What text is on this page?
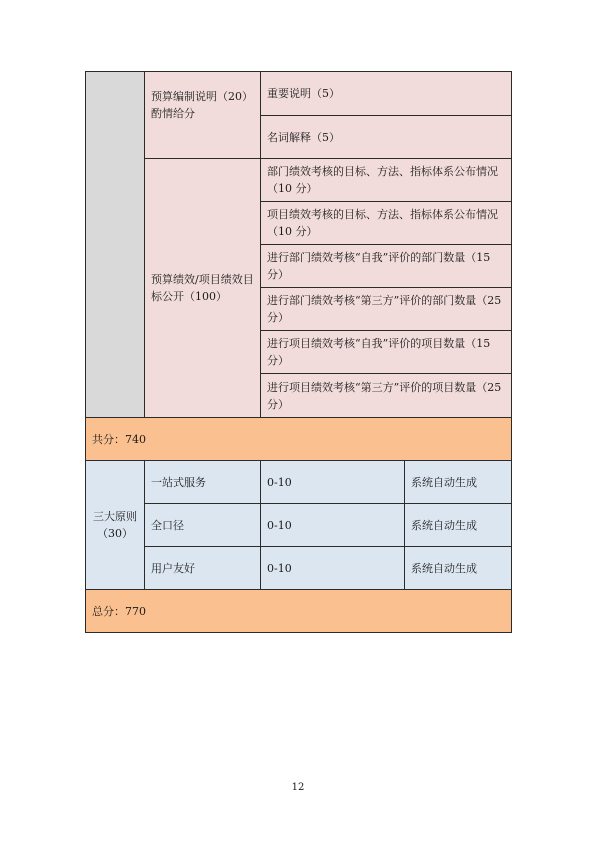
	预算编制说明（20）酌情给分	重要说明（5）	
		名词解释（5）	
	预算绩效/项目绩效目标公开（100）	部门绩效考核的目标、方法、指标体系公布情况（10 分）	
		项目绩效考核的目标、方法、指标体系公布情况（10 分）	
		进行部门绩效考核“自我”评价的部门数量（15 分）	
		进行部门绩效考核“第三方”评价的部门数量（25 分）	
		进行项目绩效考核“自我”评价的项目数量（15 分）	
		进行项目绩效考核“第三方”评价的项目数量（25 分）	
共分：740			
三大原则（30）	一站式服务	0-10	系统自动生成
	全口径	0-10	系统自动生成
	用户友好	0-10	系统自动生成
总分：770			
12
